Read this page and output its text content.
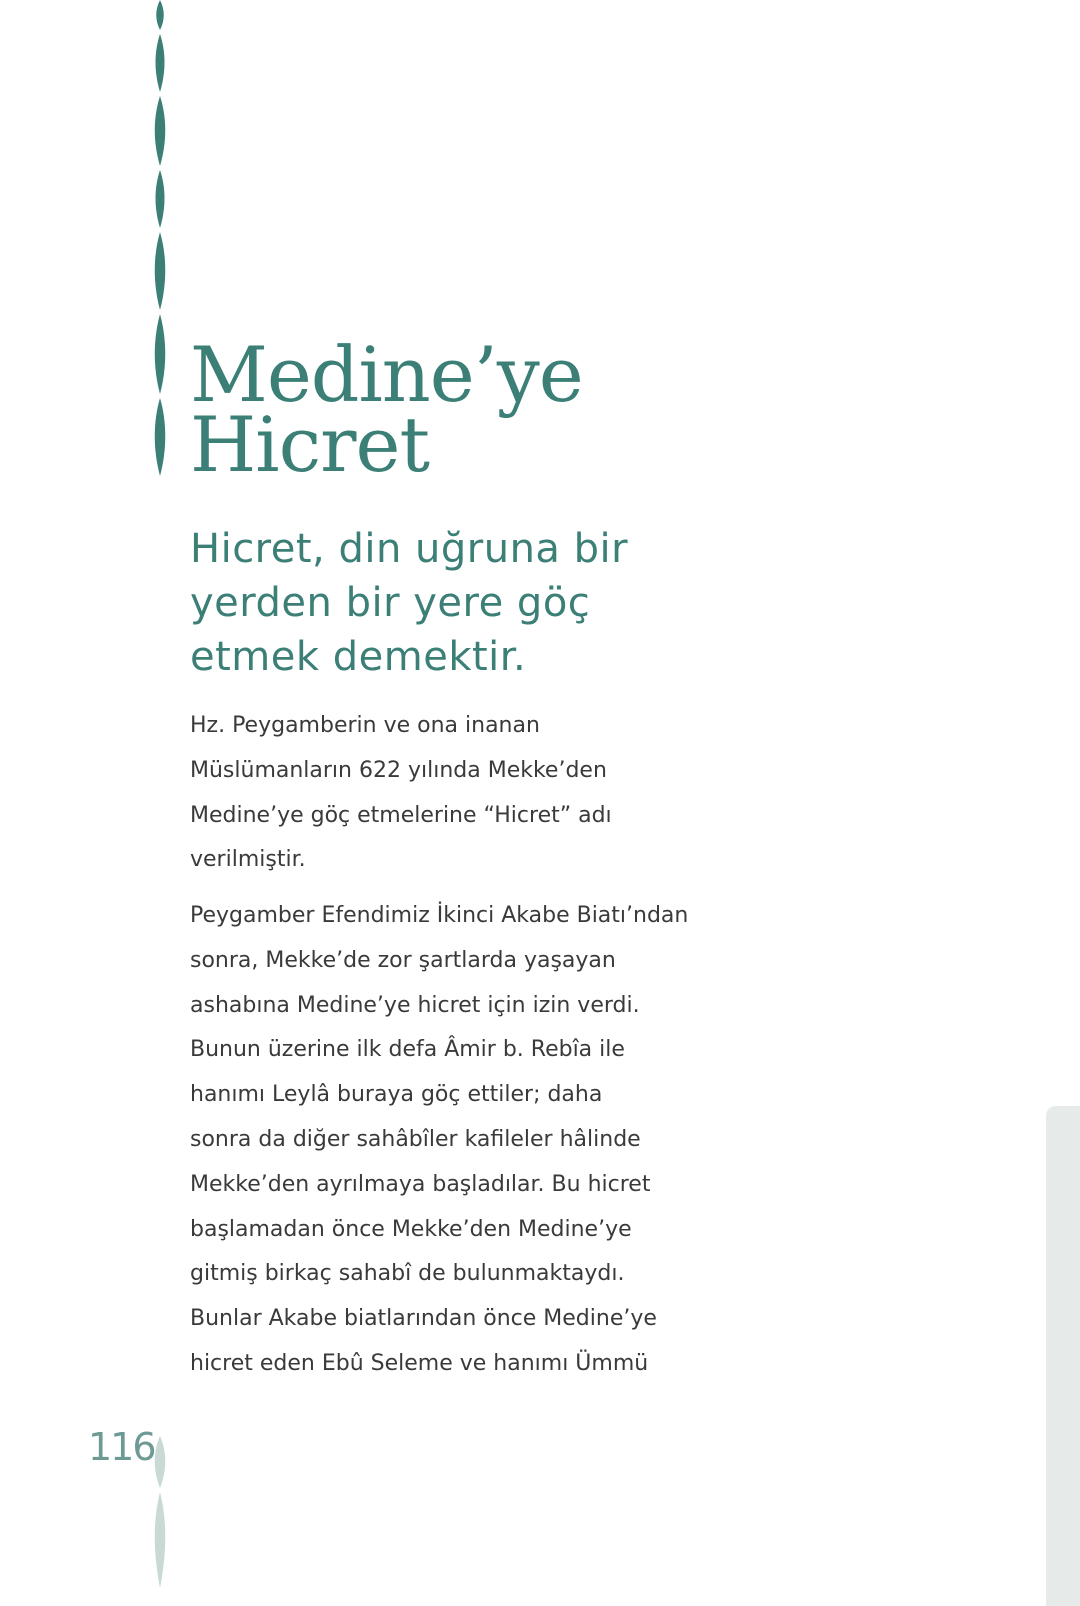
Medine’ye
Hicret
Hicret, din uğruna bir
yerden bir yere göç
etmek demektir.

Hz. Peygamberin ve ona inanan
Müslümanların 622 yılında Mekke’den
Medine’ye göç etmelerine “Hicret” adı
verilmiştir.

Peygamber Efendimiz İkinci Akabe Biatı’ndan
sonra, Mekke’de zor şartlarda yaşayan
ashabına Medine’ye hicret için izin verdi.
Bunun üzerine ilk defa Âmir b. Rebîa ile
hanımı Leylâ buraya göç ettiler; daha
sonra da diğer sahâbîler kafileler hâlinde
Mekke’den ayrılmaya başladılar. Bu hicret
başlamadan önce Mekke’den Medine’ye
gitmiş birkaç sahabî de bulunmaktaydı.
Bunlar Akabe biatlarından önce Medine’ye
hicret eden Ebû Seleme ve hanımı Ümmü

116
